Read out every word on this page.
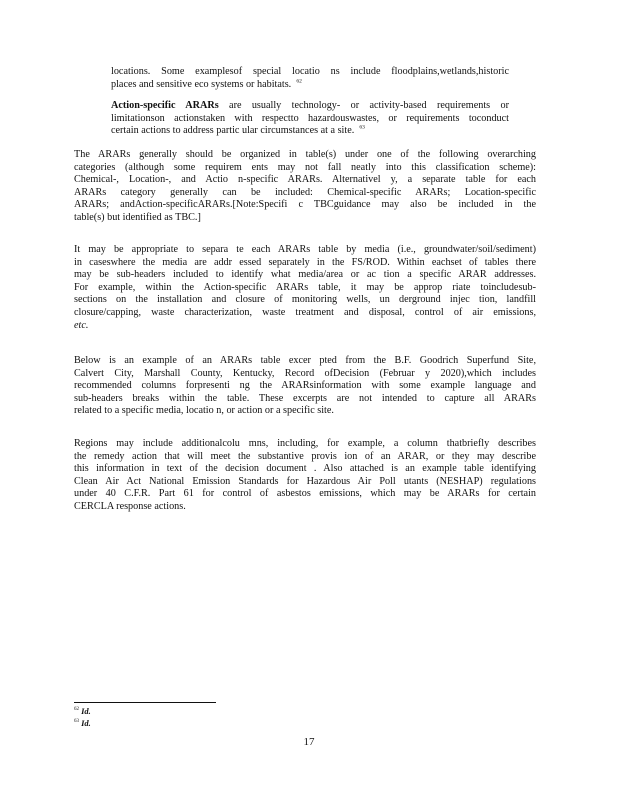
locations. Some examplesof special locatio ns include floodplains,wetlands,historic
places and sensitive eco systems or habitats. $^{62}$
Action-specific ARARs are usually technology- or activity-based requirements or
limitationson actionstaken with respectto hazardouswastes, or requirements toconduct
certain actions to address partic ular circumstances at a site. $^{63}$
The ARARs generally should be organized in table(s) under one of the following overarching
categories (although some requirem ents may not fall neatly into this classification scheme):
Chemical-, Location-, and Actio n-specific ARARs. Alternativel y, a separate table for each
ARARs category generally can be included: Chemical-specific ARARs; Location-specific
ARARs; andAction-specificARARs.[Note:Specifi c TBCguidance may also be included in the
table(s) but identified as TBC.]
It may be appropriate to separa te each ARARs table by media (i.e., groundwater/soil/sediment)
in caseswhere the media are addr essed separately in the FS/ROD. Within eachset of tables there
may be sub-headers included to identify what media/area or ac tion a specific ARAR addresses.
For example, within the Action-specific ARARs table, it may be approp riate toincludesub-
sections on the installation and closure of monitoring wells, un derground injec tion, landfill
closure/capping, waste characterization, waste treatment and disposal, control of air emissions,
etc.
Below is an example of an ARARs table excer pted from the B.F. Goodrich Superfund Site,
Calvert City, Marshall County, Kentucky, Record ofDecision (Februar y 2020),which includes
recommended columns forpresenti ng the ARARsinformation with some example language and
sub-headers breaks within the table. These excerpts are not intended to capture all ARARs
related to a specific media, locatio n, or action or a specific site.
Regions may include additionalcolu mns, including, for example, a column thatbriefly describes
the remedy action that will meet the substantive provis ion of an ARAR, or they may describe
this information in text of the decision document . Also attached is an example table identifying
Clean Air Act National Emission Standards for Hazardous Air Poll utants (NESHAP) regulations
under 40 C.F.R. Part 61 for control of asbestos emissions, which may be ARARs for certain
CERCLA response actions.
$^{62}$ Id.
$^{63}$ Id.
17
